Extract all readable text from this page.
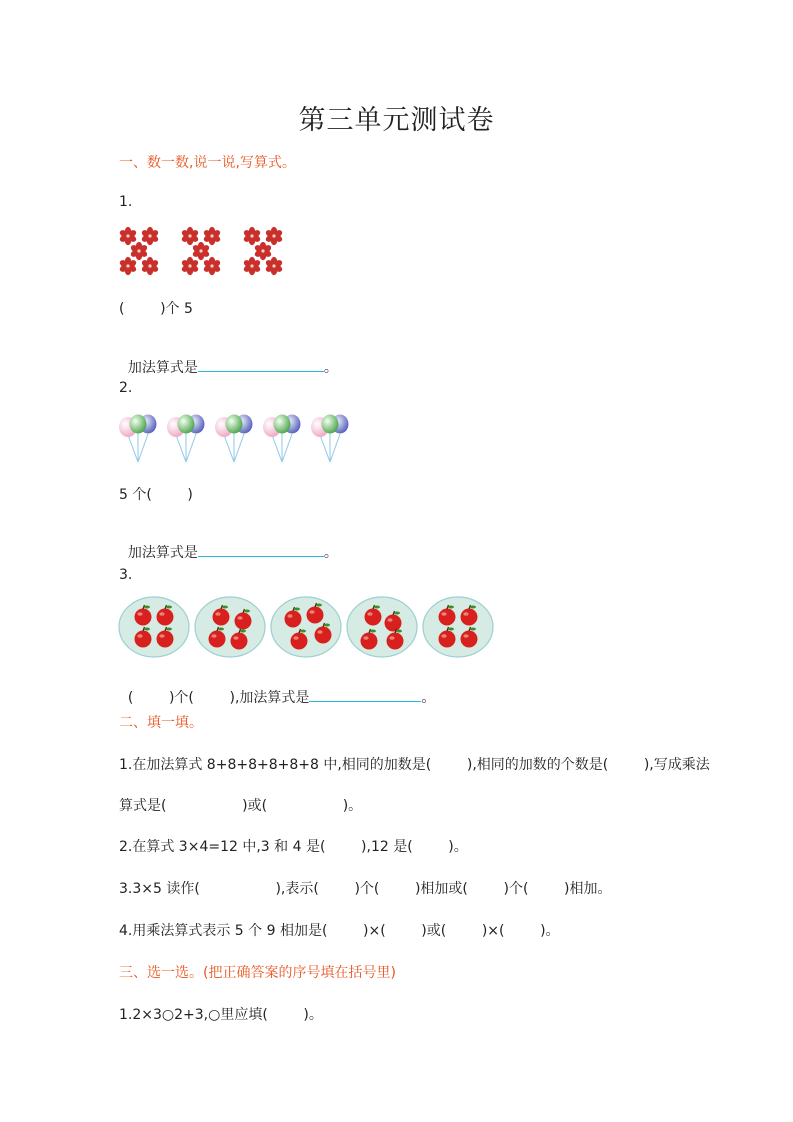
第三单元测试卷
一、数一数,说一说,写算式。
1.
(        )个 5

加法算式是	。

2.
5 个(        )

加法算式是	。

3.

(        )个(        ),加法算式是	。

二、填一填。
1.在加法算式 8+8+8+8+8+8 中,相同的加数是(        ),相同的加数的个数是(        ),写成乘法
算式是(                 )或(                 )。
2.在算式 3×4=12 中,3 和 4 是(        ),12 是(        )。
3.3×5 读作(                 ),表示(        )个(        )相加或(        )个(        )相加。
4.用乘法算式表示 5 个 9 相加是(        )×(        )或(        )×(        )。
三、选一选。(把正确答案的序号填在括号里)
1.2×3○2+3,○里应填(        )。
